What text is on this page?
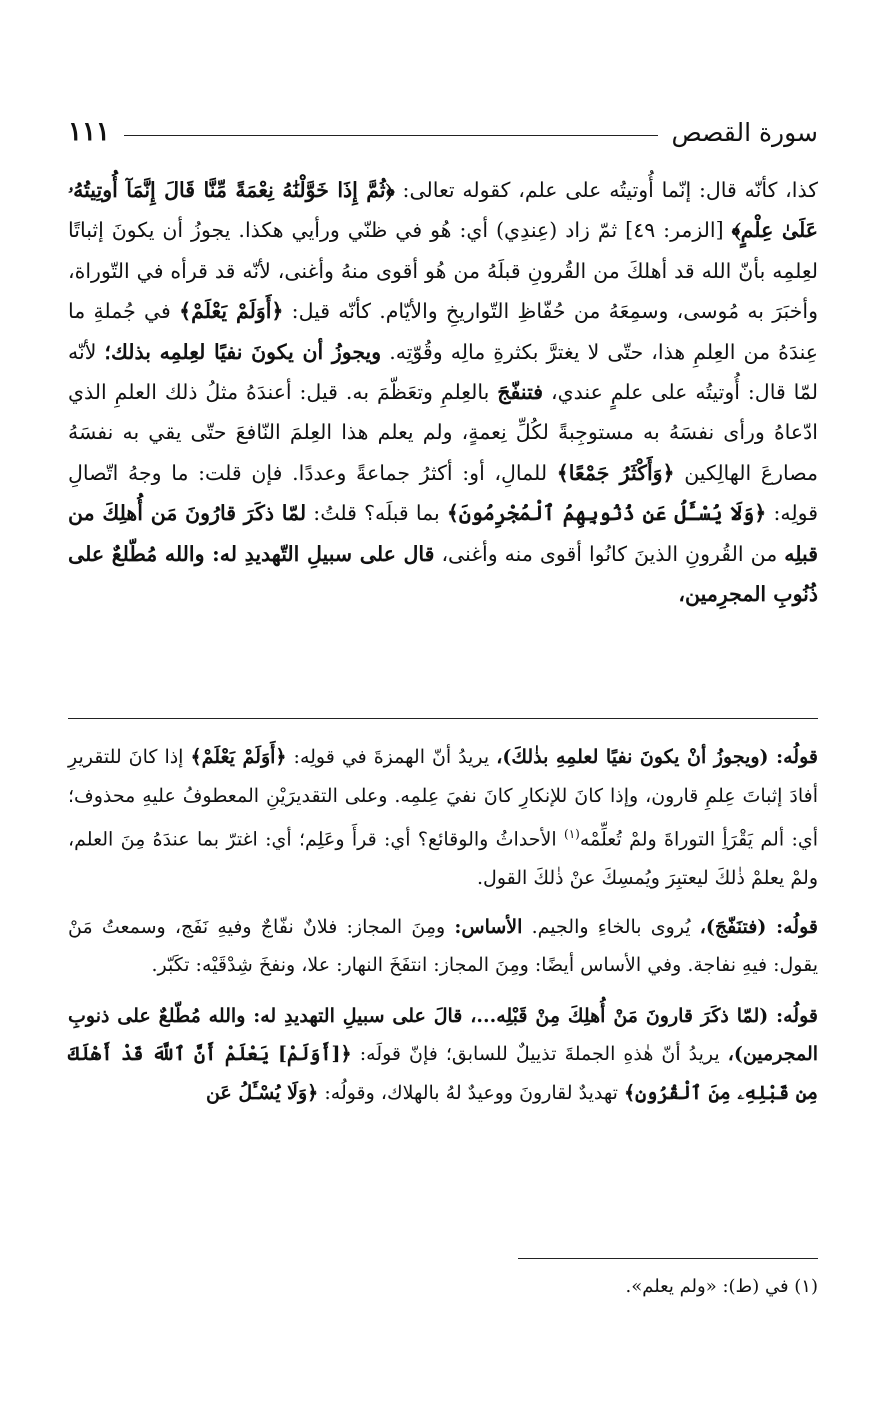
سورة القصص
١١١

كذا، كأنّه قال: إنّما أُوتيتُه على علم، كقوله تعالى: ﴿ثُمَّ إِذَا خَوَّلْنَٰهُ نِعْمَةً مِّنَّا قَالَ إِنَّمَآ أُوتِيتُهُۥ عَلَىٰ عِلْمٍ﴾ [الزمر: ٤٩] ثمّ زاد (عِندِي) أي: هُو في ظنّي ورأيي هكذا. يجوزُ أن يكونَ إثباتًا لعِلمِه بأنّ الله قد أهلكَ من القُرونِ قبلَهُ من هُو أقوى منهُ وأغنى، لأنّه قد قرأه في التّوراة، وأخبَرَ به مُوسى، وسمِعَهُ من حُفّاظِ التّواريخِ والأيّام. كأنّه قيل: ﴿أَوَلَمْ يَعْلَمْ﴾ في جُملةِ ما عِندَهُ من العِلمِ هذا، حتّى لا يغترَّ بكثرةِ مالِه وقُوّتِه. ويجوزُ أن يكونَ نفيًا لعِلمِه بذلك؛ لأنّه لمّا قال: أُوتيتُه على علمٍ عندي، فتنفّجَ بالعِلمِ وتعَظّمَ به. قيل: أعندَهُ مثلُ ذلك العلمِ الذي ادّعاهُ ورأى نفسَهُ به مستوجِبةً لكُلِّ نِعمةٍ، ولم يعلم هذا العِلمَ النّافعَ حتّى يقي به نفسَهُ مصارعَ الهالِكين ﴿وَأَكْثَرُ جَمْعًا﴾ للمالِ، أو: أكثرُ جماعةً وعددًا. فإن قلت: ما وجهُ اتّصالِ قولِه: ﴿وَلَا يُسْـَٔلُ عَن ذُنُوبِهِمُ ٱلْمُجْرِمُونَ﴾ بما قبلَه؟ قلتُ: لمّا ذكَرَ قارُونَ مَن أُهلِكَ من قبلِه من القُرونِ الذينَ كانُوا أقوى منه وأغنى، قال على سبيلِ التّهديدِ له: والله مُطّلعٌ على ذُنُوبِ المجرِمين،

قولُه: (ويجوزُ أنْ يكونَ نفيًا لعلمِهِ بذٰلكَ)، يريدُ أنّ الهمزةَ في قولِه: ﴿أَوَلَمْ يَعْلَمْ﴾ إذا كانَ للتقريرِ أفادَ إثباتَ عِلمِ قارون، وإذا كانَ للإنكارِ كانَ نفيَ عِلمِه. وعلى التقديرَيْنِ المعطوفُ عليهِ محذوف؛ أي: ألم يَقْرَأِ التوراةَ ولمْ تُعلِّمْه$^{(١)}$ الأحداثُ والوقائع؟ أي: قرأَ وعَلِم؛ أي: اغترّ بما عندَهُ مِنَ العلم، ولمْ يعلمْ ذٰلكَ ليعتبِرَ ويُمسِكَ عنْ ذٰلكَ القول.

قولُه: (فتنَفّجَ)، يُروى بالخاءِ والجيم. الأساس: ومِنَ المجاز: فلانٌ نفّاجٌ وفيهِ نَفَج، وسمعتُ مَنْ يقول: فيهِ نفاجة. وفي الأساس أيضًا: ومِنَ المجاز: انتفَخَ النهار: علا، ونفخَ شِدْقَيْه: تكَبّر.

قولُه: (لمّا ذكَرَ قارونَ مَنْ أُهلِكَ مِنْ قَبْلِه...، قالَ على سبيلِ التهديدِ له: والله مُطّلعٌ على ذنوبِ المجرمين)، يريدُ أنّ هٰذهِ الجملةَ تذييلٌ للسابق؛ فإنّ قولَه: ﴿[أَوَلَمْ] يَعْلَمْ أَنَّ ٱللَّهَ قَدْ أَهْلَكَ مِن قَبْلِهِۦ مِنَ ٱلْقُرُونِ﴾ تهديدٌ لقارونَ ووعيدٌ لهُ بالهلاك، وقولُه: ﴿وَلَا يُسْـَٔلُ عَن

(١) في (ط): «ولم يعلم».
